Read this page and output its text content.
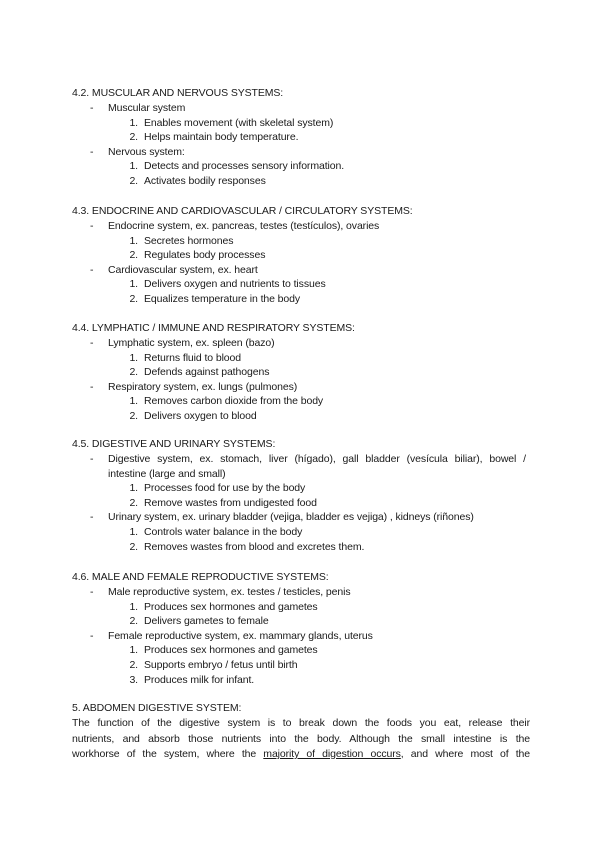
4.2. MUSCULAR AND NERVOUS SYSTEMS:
- Muscular system
1. Enables movement (with skeletal system)
2. Helps maintain body temperature.
- Nervous system:
1. Detects and processes sensory information.
2. Activates bodily responses
4.3. ENDOCRINE AND CARDIOVASCULAR / CIRCULATORY SYSTEMS:
- Endocrine system, ex. pancreas, testes (testículos), ovaries
1. Secretes hormones
2. Regulates body processes
- Cardiovascular system, ex. heart
1. Delivers oxygen and nutrients to tissues
2. Equalizes temperature in the body
4.4. LYMPHATIC / IMMUNE AND RESPIRATORY SYSTEMS:
- Lymphatic system, ex. spleen (bazo)
1. Returns fluid to blood
2. Defends against pathogens
- Respiratory system, ex. lungs (pulmones)
1. Removes carbon dioxide from the body
2. Delivers oxygen to blood
4.5. DIGESTIVE AND URINARY SYSTEMS:
- Digestive system, ex. stomach, liver (hígado), gall bladder (vesícula biliar), bowel /
intestine (large and small)
1. Processes food for use by the body
2. Remove wastes from undigested food
- Urinary system, ex. urinary bladder (vejiga, bladder es vejiga) , kidneys (riñones)
1. Controls water balance in the body
2. Removes wastes from blood and excretes them.
4.6. MALE AND FEMALE REPRODUCTIVE SYSTEMS:
- Male reproductive system, ex. testes / testicles, penis
1. Produces sex hormones and gametes
2. Delivers gametes to female
- Female reproductive system, ex. mammary glands, uterus
1. Produces sex hormones and gametes
2. Supports embryo / fetus until birth
3. Produces milk for infant.
5. ABDOMEN DIGESTIVE SYSTEM:
The function of the digestive system is to break down the foods you eat, release their
nutrients, and absorb those nutrients into the body. Although the small intestine is the
workhorse of the system, where the majority of digestion occurs, and where most of the
